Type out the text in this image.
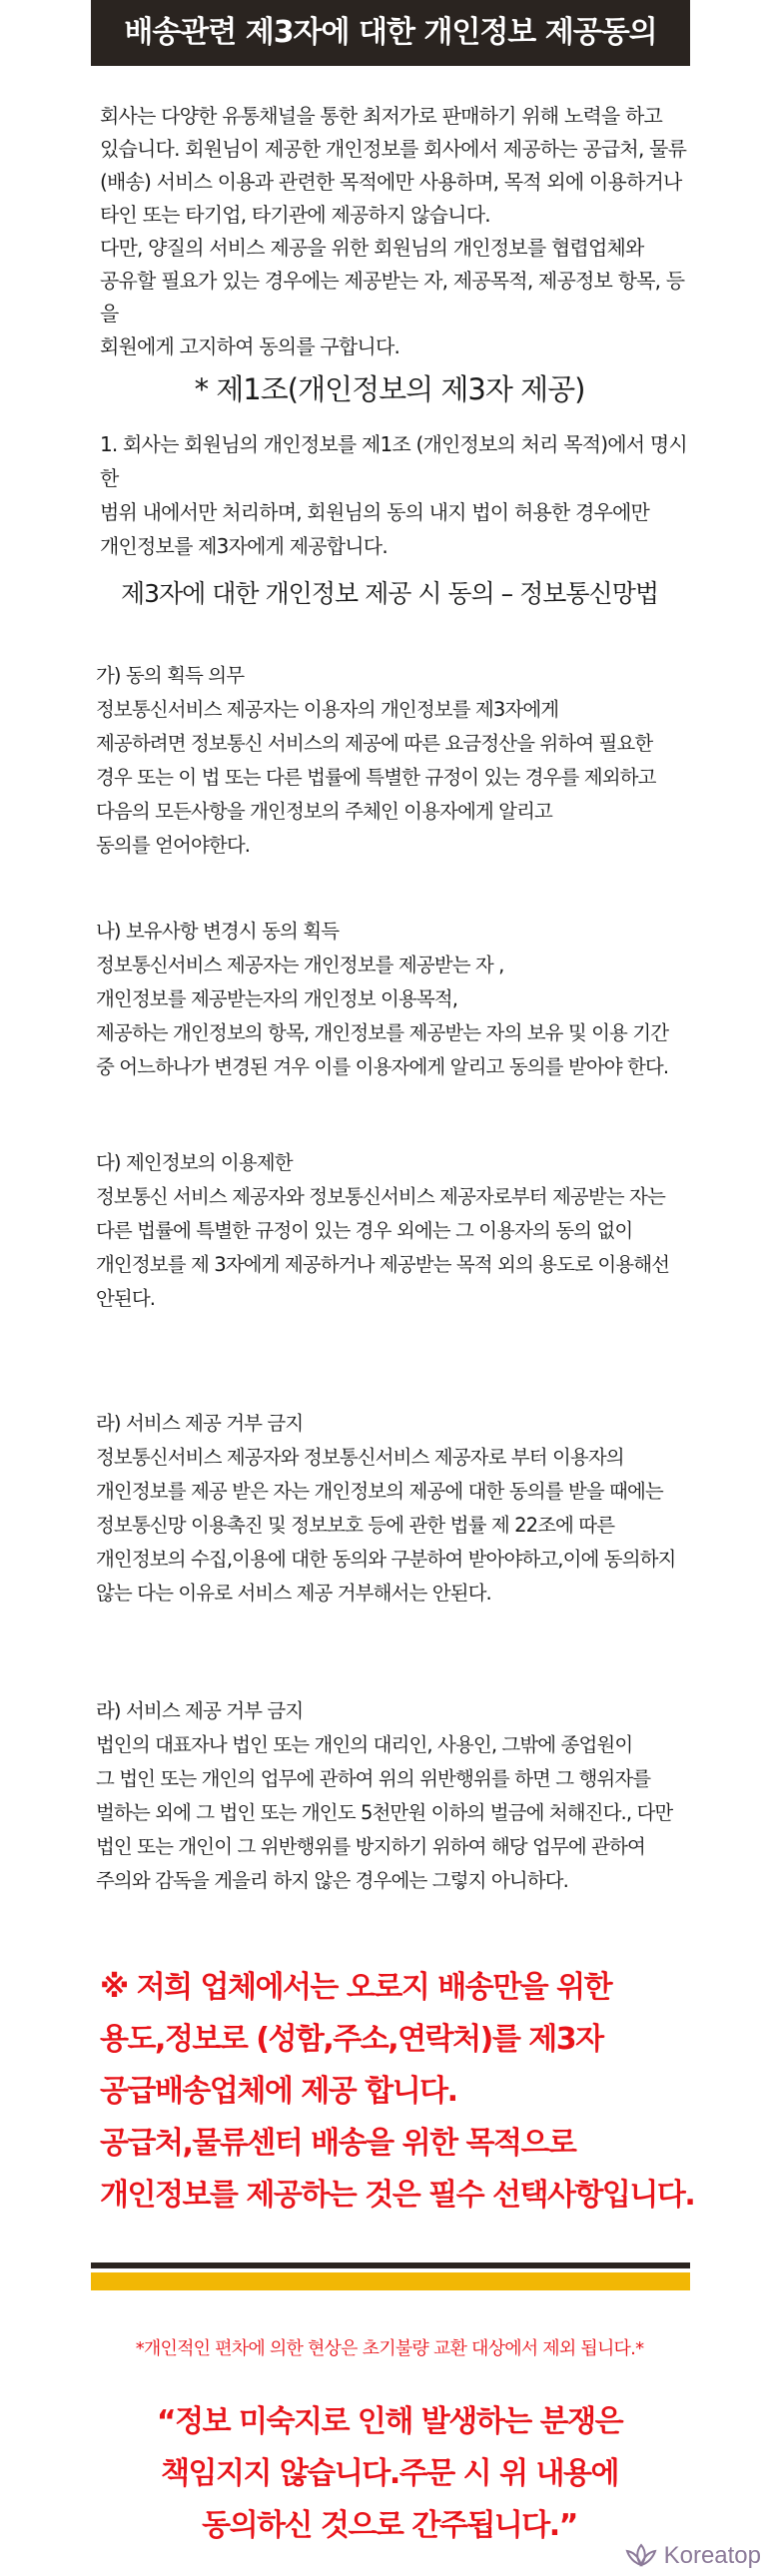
배송관련 제3자에 대한 개인정보 제공동의

회사는 다양한 유통채널을 통한 최저가로 판매하기 위해 노력을 하고

있습니다. 회원님이 제공한 개인정보를 회사에서 제공하는 공급처, 물류

(배송) 서비스 이용과 관련한 목적에만 사용하며, 목적 외에 이용하거나

타인 또는 타기업, 타기관에 제공하지 않습니다.

다만, 양질의 서비스 제공을 위한 회원님의 개인정보를 협렵업체와

공유할 필요가 있는 경우에는 제공받는 자, 제공목적, 제공정보 항목, 등을

회원에게 고지하여 동의를 구합니다.

* 제1조(개인정보의 제3자 제공)

1. 회사는 회원님의 개인정보를 제1조 (개인정보의 처리 목적)에서 명시한

범위 내에서만 처리하며, 회원님의 동의 내지 법이 허용한 경우에만

개인정보를 제3자에게 제공합니다.

제3자에 대한 개인정보 제공 시 동의 – 정보통신망법

가) 동의 획득 의무

정보통신서비스 제공자는 이용자의 개인정보를 제3자에게

제공하려면 정보통신 서비스의 제공에 따른 요금정산을 위하여 필요한

경우 또는 이 법 또는 다른 법률에 특별한 규정이 있는 경우를 제외하고

다음의 모든사항을 개인정보의 주체인 이용자에게 알리고

동의를 얻어야한다.

나) 보유사항 변경시 동의 획득

정보통신서비스 제공자는 개인정보를 제공받는 자 ,

개인정보를 제공받는자의 개인정보 이용목적,

제공하는 개인정보의 항목, 개인정보를 제공받는 자의 보유 및 이용 기간

중 어느하나가 변경된 겨우 이를 이용자에게 알리고 동의를 받아야 한다.

다) 제인정보의 이용제한

정보통신 서비스 제공자와 정보통신서비스 제공자로부터 제공받는 자는

다른 법률에 특별한 규정이 있는 경우 외에는 그 이용자의 동의 없이

개인정보를 제 3자에게 제공하거나 제공받는 목적 외의 용도로 이용해선

안된다.

라) 서비스 제공 거부 금지

정보통신서비스 제공자와 정보통신서비스 제공자로 부터 이용자의

개인정보를 제공 받은 자는 개인정보의 제공에 대한 동의를 받을 때에는

정보통신망 이용촉진 및 정보보호 등에 관한 법률 제 22조에 따른

개인정보의 수집,이용에 대한 동의와 구분하여 받아야하고,이에 동의하지

않는 다는 이유로 서비스 제공 거부해서는 안된다.

라) 서비스 제공 거부 금지

법인의 대표자나 법인 또는 개인의 대리인, 사용인, 그밖에 종업원이

그 법인 또는 개인의 업무에 관하여 위의 위반행위를 하면 그 행위자를

벌하는 외에 그 법인 또는 개인도 5천만원 이하의 벌금에 처해진다., 다만

법인 또는 개인이 그 위반행위를 방지하기 위하여 해당 업무에 관하여

주의와 감독을 게을리 하지 않은 경우에는 그렇지 아니하다.

※ 저희 업체에서는 오로지 배송만을 위한

용도,정보로 (성함,주소,연락처)를 제3자

공급배송업체에 제공 합니다.

공급처,물류센터 배송을 위한 목적으로

개인정보를 제공하는 것은 필수 선택사항입니다.

*개인적인 편차에 의한 현상은 초기불량 교환 대상에서 제외 됩니다.*

“정보 미숙지로 인해 발생하는 분쟁은

책임지지 않습니다.주문 시 위 내용에

동의하신 것으로 간주됩니다.”

Koreatop
